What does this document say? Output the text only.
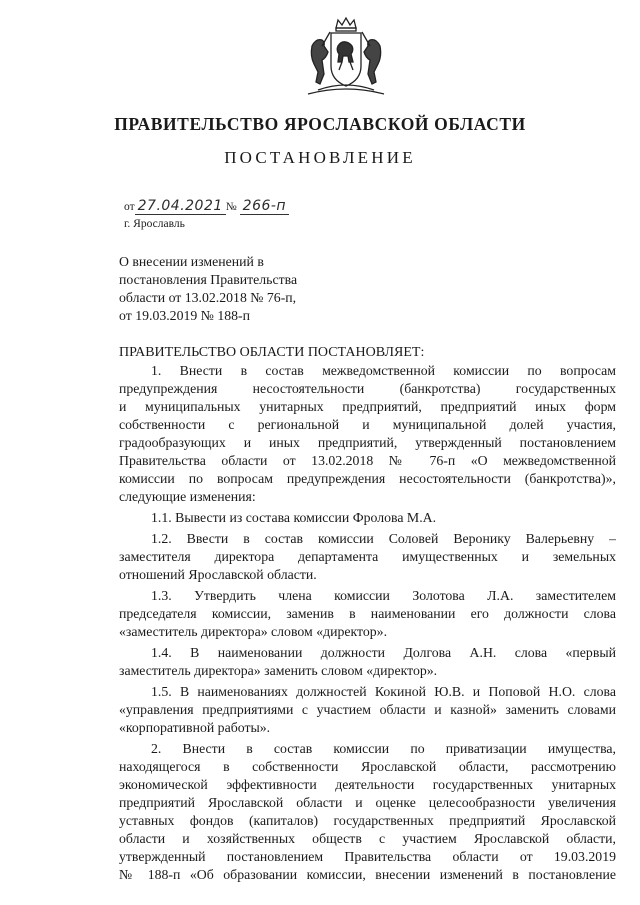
ПРАВИТЕЛЬСТВО ЯРОСЛАВСКОЙ ОБЛАСТИ
ПОСТАНОВЛЕНИЕ
от 27.04.2021 № 266-п
г. Ярославль
О внесении изменений в
постановления Правительства
области от 13.02.2018 № 76-п,
от 19.03.2019 № 188-п
ПРАВИТЕЛЬСТВО ОБЛАСТИ ПОСТАНОВЛЯЕТ:

1. Внести в состав межведомственной комиссии по вопросам
предупреждения несостоятельности (банкротства) государственных
и муниципальных унитарных предприятий, предприятий иных форм
собственности с региональной и муниципальной долей участия,
градообразующих и иных предприятий, утвержденный постановлением
Правительства области от 13.02.2018 № 76-п «О межведомственной
комиссии по вопросам предупреждения несостоятельности (банкротства)»,
следующие изменения:

1.1. Вывести из состава комиссии Фролова М.А.

1.2. Ввести в состав комиссии Соловей Веронику Валерьевну –
заместителя директора департамента имущественных и земельных
отношений Ярославской области.

1.3. Утвердить члена комиссии Золотова Л.А. заместителем
председателя комиссии, заменив в наименовании его должности слова
«заместитель директора» словом «директор».

1.4. В наименовании должности Долгова А.Н. слова «первый
заместитель директора» заменить словом «директор».

1.5. В наименованиях должностей Кокиной Ю.В. и Поповой Н.О. слова
«управления предприятиями с участием области и казной» заменить словами
«корпоративной работы».

2. Внести в состав комиссии по приватизации имущества,
находящегося в собственности Ярославской области, рассмотрению
экономической эффективности деятельности государственных унитарных
предприятий Ярославской области и оценке целесообразности увеличения
уставных фондов (капиталов) государственных предприятий Ярославской
области и хозяйственных обществ с участием Ярославской области,
утвержденный постановлением Правительства области от 19.03.2019
№ 188-п «Об образовании комиссии, внесении изменений в постановление
